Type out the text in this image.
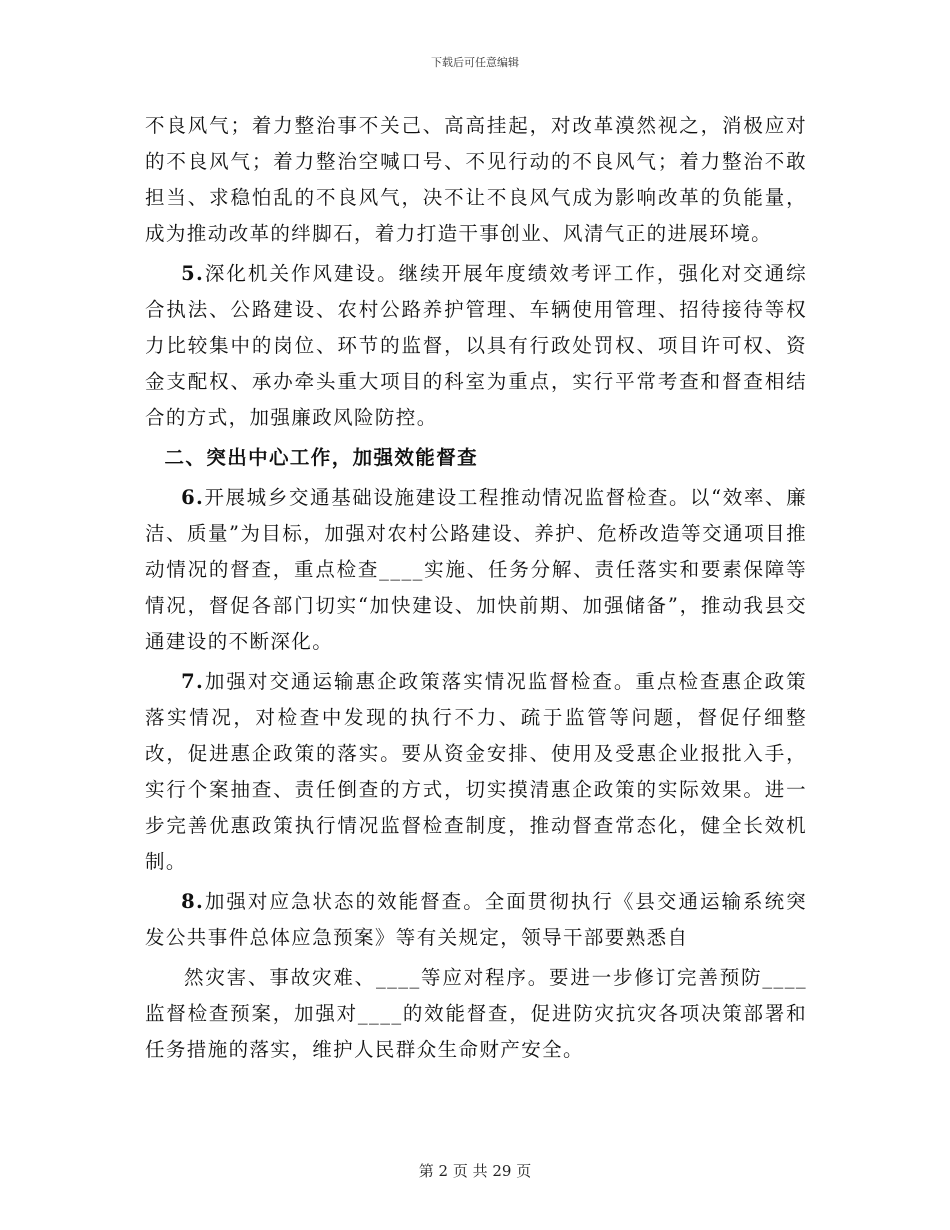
下载后可任意编辑

不良风气；着力整治事不关己、高高挂起，对改革漠然视之，消极应对的不良风气；着力整治空喊口号、不见行动的不良风气；着力整治不敢担当、求稳怕乱的不良风气，决不让不良风气成为影响改革的负能量，成为推动改革的绊脚石，着力打造干事创业、风清气正的进展环境。

5.深化机关作风建设。继续开展年度绩效考评工作，强化对交通综合执法、公路建设、农村公路养护管理、车辆使用管理、招待接待等权力比较集中的岗位、环节的监督，以具有行政处罚权、项目许可权、资金支配权、承办牵头重大项目的科室为重点，实行平常考查和督查相结合的方式，加强廉政风险防控。

二、突出中心工作，加强效能督查

6.开展城乡交通基础设施建设工程推动情况监督检查。以“效率、廉洁、质量”为目标，加强对农村公路建设、养护、危桥改造等交通项目推动情况的督查，重点检查____实施、任务分解、责任落实和要素保障等情况，督促各部门切实“加快建设、加快前期、加强储备”，推动我县交通建设的不断深化。

7.加强对交通运输惠企政策落实情况监督检查。重点检查惠企政策落实情况，对检查中发现的执行不力、疏于监管等问题，督促仔细整改，促进惠企政策的落实。要从资金安排、使用及受惠企业报批入手，实行个案抽查、责任倒查的方式，切实摸清惠企政策的实际效果。进一步完善优惠政策执行情况监督检查制度，推动督查常态化，健全长效机制。

8.加强对应急状态的效能督查。全面贯彻执行《县交通运输系统突发公共事件总体应急预案》等有关规定，领导干部要熟悉自

然灾害、事故灾难、____等应对程序。要进一步修订完善预防____监督检查预案，加强对____的效能督查，促进防灾抗灾各项决策部署和任务措施的落实，维护人民群众生命财产安全。

第 2 页 共 29 页
